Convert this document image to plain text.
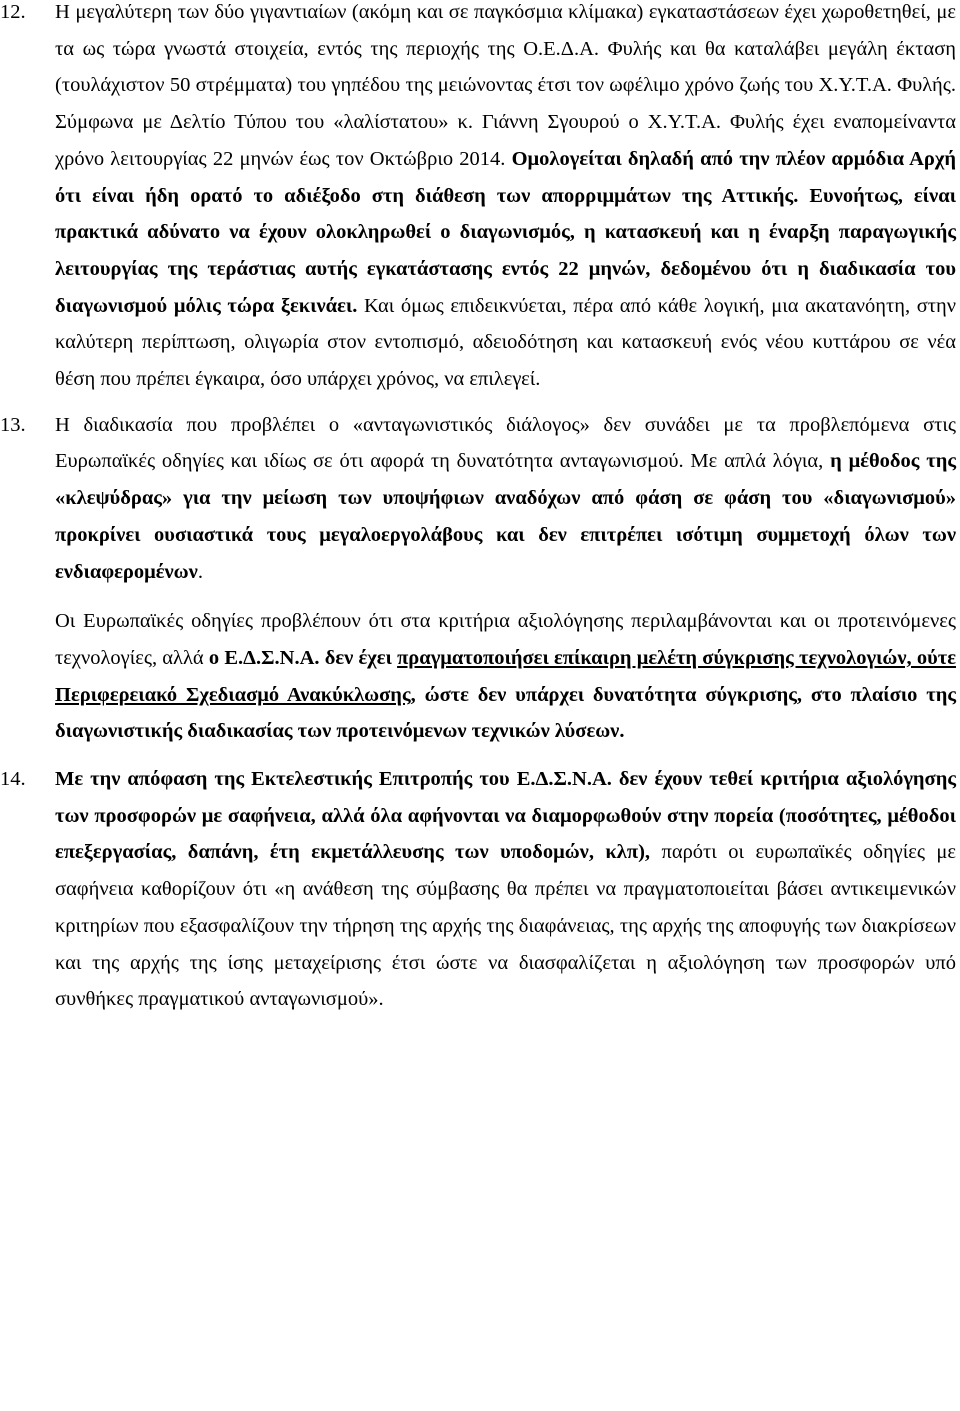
12. Η μεγαλύτερη των δύο γιγαντιαίων (ακόμη και σε παγκόσμια κλίμακα) εγκαταστάσεων έχει χωροθετηθεί, με τα ως τώρα γνωστά στοιχεία, εντός της περιοχής της Ο.Ε.Δ.Α. Φυλής και θα καταλάβει μεγάλη έκταση (τουλάχιστον 50 στρέμματα) του γηπέδου της μειώνοντας έτσι τον ωφέλιμο χρόνο ζωής του Χ.Υ.Τ.Α. Φυλής. Σύμφωνα με Δελτίο Τύπου του «λαλίστατου» κ. Γιάννη Σγουρού ο Χ.Υ.Τ.Α. Φυλής έχει εναπομείναντα χρόνο λειτουργίας 22 μηνών έως τον Οκτώβριο 2014. Ομολογείται δηλαδή από την πλέον αρμόδια Αρχή ότι είναι ήδη ορατό το αδιέξοδο στη διάθεση των απορριμμάτων της Αττικής. Ευνοήτως, είναι πρακτικά αδύνατο να έχουν ολοκληρωθεί ο διαγωνισμός, η κατασκευή και η έναρξη παραγωγικής λειτουργίας της τεράστιας αυτής εγκατάστασης εντός 22 μηνών, δεδομένου ότι η διαδικασία του διαγωνισμού μόλις τώρα ξεκινάει. Και όμως επιδεικνύεται, πέρα από κάθε λογική, μια ακατανόητη, στην καλύτερη περίπτωση, ολιγωρία στον εντοπισμό, αδειοδότηση και κατασκευή ενός νέου κυττάρου σε νέα θέση που πρέπει έγκαιρα, όσο υπάρχει χρόνος, να επιλεγεί.

13. Η διαδικασία που προβλέπει ο «ανταγωνιστικός διάλογος» δεν συνάδει με τα προβλεπόμενα στις Ευρωπαϊκές οδηγίες και ιδίως σε ότι αφορά τη δυνατότητα ανταγωνισμού. Με απλά λόγια, η μέθοδος της «κλεψύδρας» για την μείωση των υποψήφιων αναδόχων από φάση σε φάση του «διαγωνισμού» προκρίνει ουσιαστικά τους μεγαλοεργολάβους και δεν επιτρέπει ισότιμη συμμετοχή όλων των ενδιαφερομένων.

Οι Ευρωπαϊκές οδηγίες προβλέπουν ότι στα κριτήρια αξιολόγησης περιλαμβάνονται και οι προτεινόμενες τεχνολογίες, αλλά ο Ε.Δ.Σ.Ν.Α. δεν έχει πραγματοποιήσει επίκαιρη μελέτη σύγκρισης τεχνολογιών, ούτε Περιφερειακό Σχεδιασμό Ανακύκλωσης, ώστε δεν υπάρχει δυνατότητα σύγκρισης, στο πλαίσιο της διαγωνιστικής διαδικασίας των προτεινόμενων τεχνικών λύσεων.

14. Με την απόφαση της Εκτελεστικής Επιτροπής του Ε.Δ.Σ.Ν.Α. δεν έχουν τεθεί κριτήρια αξιολόγησης των προσφορών με σαφήνεια, αλλά όλα αφήνονται να διαμορφωθούν στην πορεία (ποσότητες, μέθοδοι επεξεργασίας, δαπάνη, έτη εκμετάλλευσης των υποδομών, κλπ), παρότι οι ευρωπαϊκές οδηγίες με σαφήνεια καθορίζουν ότι «η ανάθεση της σύμβασης θα πρέπει να πραγματοποιείται βάσει αντικειμενικών κριτηρίων που εξασφαλίζουν την τήρηση της αρχής της διαφάνειας, της αρχής της αποφυγής των διακρίσεων και της αρχής της ίσης μεταχείρισης έτσι ώστε να διασφαλίζεται η αξιολόγηση των προσφορών υπό συνθήκες πραγματικού ανταγωνισμού».
